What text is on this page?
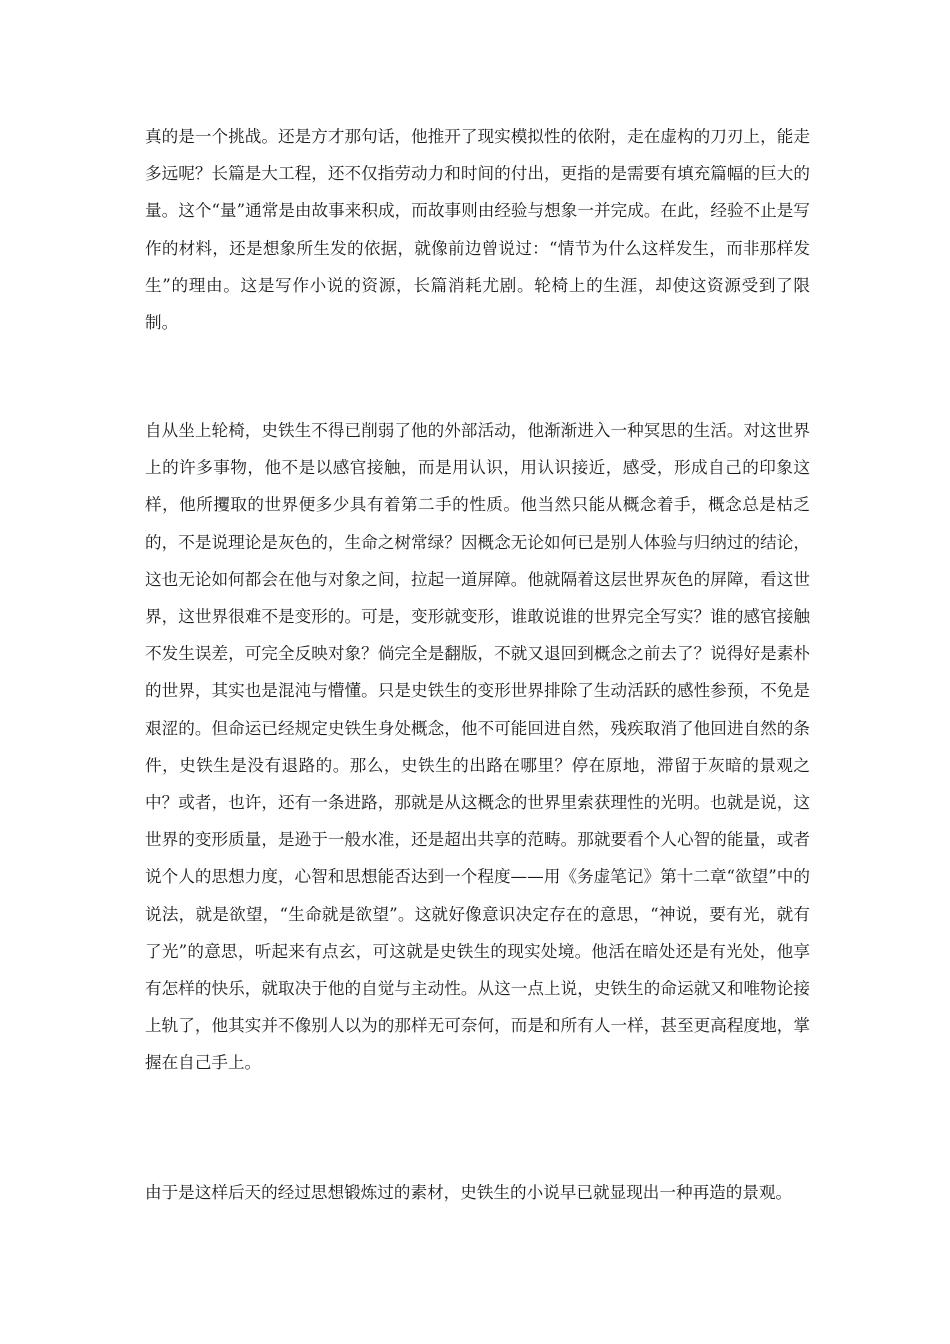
真的是一个挑战。还是方才那句话，他推开了现实模拟性的依附，走在虚构的刀刃上，能走多远呢？长篇是大工程，还不仅指劳动力和时间的付出，更指的是需要有填充篇幅的巨大的量。这个“量”通常是由故事来积成，而故事则由经验与想象一并完成。在此，经验不止是写作的材料，还是想象所生发的依据，就像前边曾说过：“情节为什么这样发生，而非那样发生”的理由。这是写作小说的资源，长篇消耗尤剧。轮椅上的生涯，却使这资源受到了限制。

自从坐上轮椅，史铁生不得已削弱了他的外部活动，他渐渐进入一种冥思的生活。对这世界上的许多事物，他不是以感官接触，而是用认识，用认识接近，感受，形成自己的印象这样，他所攫取的世界便多少具有着第二手的性质。他当然只能从概念着手，概念总是枯乏的，不是说理论是灰色的，生命之树常绿？因概念无论如何已是别人体验与归纳过的结论，这也无论如何都会在他与对象之间，拉起一道屏障。他就隔着这层世界灰色的屏障，看这世界，这世界很难不是变形的。可是，变形就变形，谁敢说谁的世界完全写实？谁的感官接触不发生误差，可完全反映对象？倘完全是翻版，不就又退回到概念之前去了？说得好是素朴的世界，其实也是混沌与懵懂。只是史铁生的变形世界排除了生动活跃的感性参预，不免是艰涩的。但命运已经规定史铁生身处概念，他不可能回进自然，残疾取消了他回进自然的条件，史铁生是没有退路的。那么，史铁生的出路在哪里？停在原地，滞留于灰暗的景观之中？或者，也许，还有一条进路，那就是从这概念的世界里索获理性的光明。也就是说，这世界的变形质量，是逊于一般水准，还是超出共享的范畴。那就要看个人心智的能量，或者说个人的思想力度，心智和思想能否达到一个程度——用《务虚笔记》第十二章“欲望”中的说法，就是欲望，“生命就是欲望”。这就好像意识决定存在的意思，“神说，要有光，就有了光”的意思，听起来有点玄，可这就是史铁生的现实处境。他活在暗处还是有光处，他享有怎样的快乐，就取决于他的自觉与主动性。从这一点上说，史铁生的命运就又和唯物论接上轨了，他其实并不像别人以为的那样无可奈何，而是和所有人一样，甚至更高程度地，掌握在自己手上。

由于是这样后天的经过思想锻炼过的素材，史铁生的小说早已就显现出一种再造的景观。
